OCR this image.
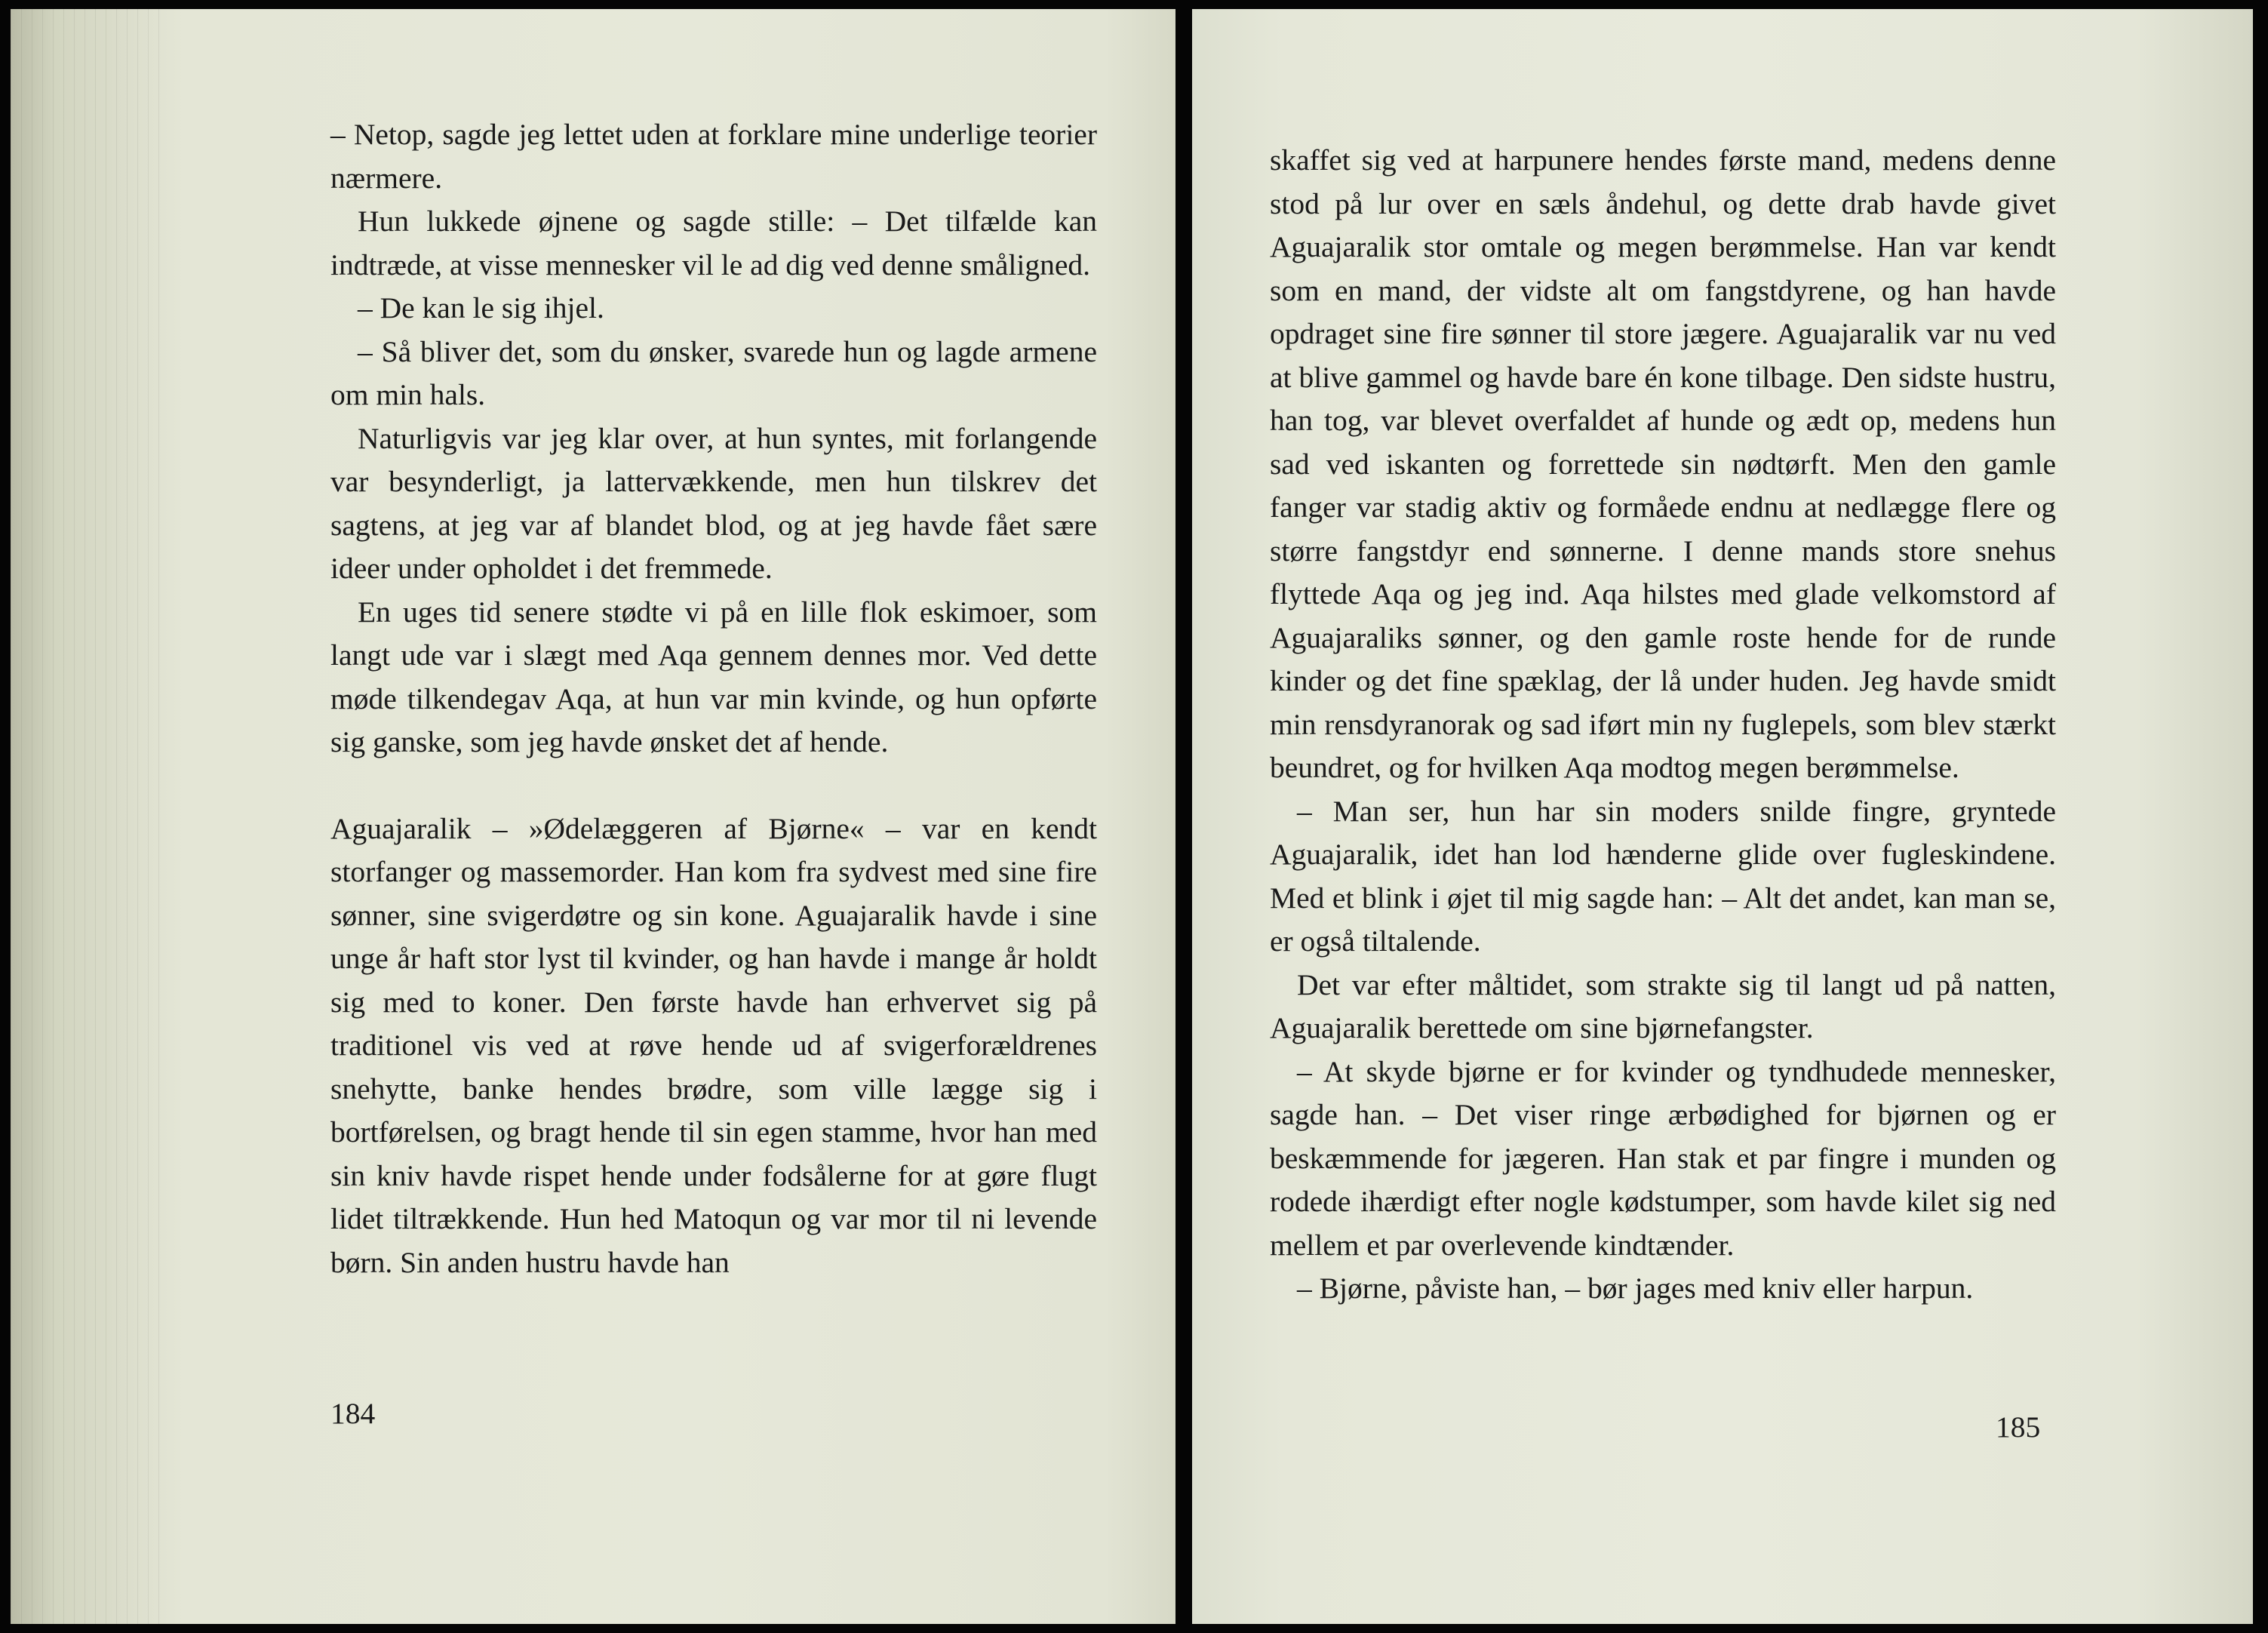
– Netop, sagde jeg lettet uden at forklare mine underlige teorier nærmere.

Hun lukkede øjnene og sagde stille: – Det tilfælde kan indtræde, at visse mennesker vil le ad dig ved denne småligned.

– De kan le sig ihjel.

– Så bliver det, som du ønsker, svarede hun og lagde armene om min hals.

Naturligvis var jeg klar over, at hun syntes, mit forlangende var besynderligt, ja lattervækkende, men hun tilskrev det sagtens, at jeg var af blandet blod, og at jeg havde fået sære ideer under opholdet i det fremmede.

En uges tid senere stødte vi på en lille flok eskimoer, som langt ude var i slægt med Aqa gennem dennes mor. Ved dette møde tilkendegav Aqa, at hun var min kvinde, og hun opførte sig ganske, som jeg havde ønsket det af hende.

Aguajaralik – »Ødelæggeren af Bjørne« – var en kendt storfanger og massemorder. Han kom fra sydvest med sine fire sønner, sine svigerdøtre og sin kone. Aguajaralik havde i sine unge år haft stor lyst til kvinder, og han havde i mange år holdt sig med to koner. Den første havde han erhvervet sig på traditionel vis ved at røve hende ud af svigerforældrenes snehytte, banke hendes brødre, som ville lægge sig i bortførelsen, og bragt hende til sin egen stamme, hvor han med sin kniv havde rispet hende under fodsålerne for at gøre flugt lidet tiltrækkende. Hun hed Matoqun og var mor til ni levende børn. Sin anden hustru havde han

184

skaffet sig ved at harpunere hendes første mand, medens denne stod på lur over en sæls åndehul, og dette drab havde givet Aguajaralik stor omtale og megen berømmelse. Han var kendt som en mand, der vidste alt om fangstdyrene, og han havde opdraget sine fire sønner til store jægere. Aguajaralik var nu ved at blive gammel og havde bare én kone tilbage. Den sidste hustru, han tog, var blevet overfaldet af hunde og ædt op, medens hun sad ved iskanten og forrettede sin nødtørft. Men den gamle fanger var stadig aktiv og formåede endnu at nedlægge flere og større fangstdyr end sønnerne. I denne mands store snehus flyttede Aqa og jeg ind. Aqa hilstes med glade velkomstord af Aguajaraliks sønner, og den gamle roste hende for de runde kinder og det fine spæklag, der lå under huden. Jeg havde smidt min rensdyranorak og sad iført min ny fuglepels, som blev stærkt beundret, og for hvilken Aqa modtog megen berømmelse.

– Man ser, hun har sin moders snilde fingre, gryntede Aguajaralik, idet han lod hænderne glide over fugleskindene. Med et blink i øjet til mig sagde han: – Alt det andet, kan man se, er også tiltalende.

Det var efter måltidet, som strakte sig til langt ud på natten, Aguajaralik berettede om sine bjørnefangster.

– At skyde bjørne er for kvinder og tyndhudede mennesker, sagde han. – Det viser ringe ærbødighed for bjørnen og er beskæmmende for jægeren. Han stak et par fingre i munden og rodede ihærdigt efter nogle kødstumper, som havde kilet sig ned mellem et par overlevende kindtænder.

– Bjørne, påviste han, – bør jages med kniv eller harpun.

185
